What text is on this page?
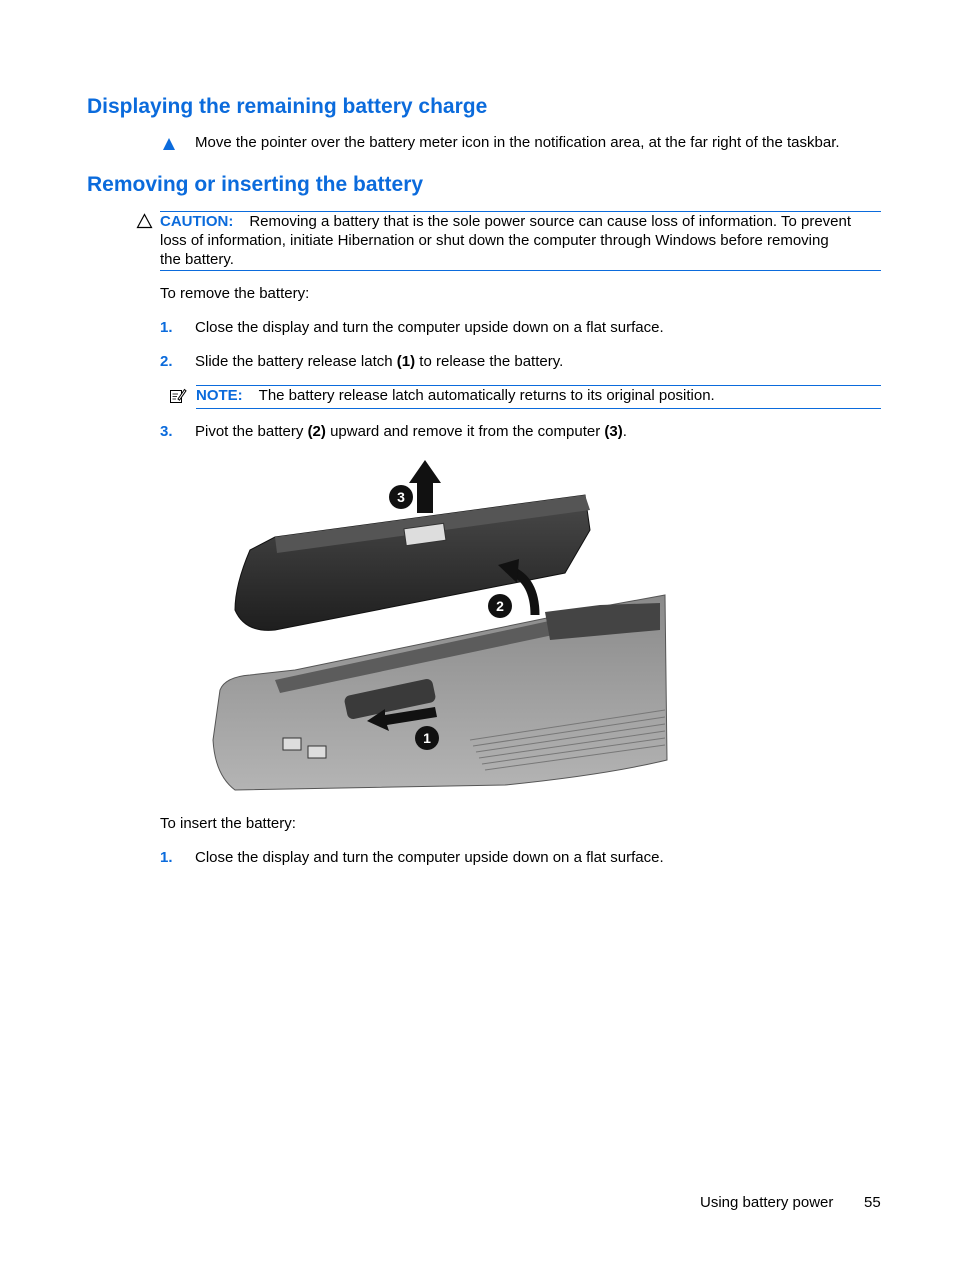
Displaying the remaining battery charge
Move the pointer over the battery meter icon in the notification area, at the far right of the taskbar.
Removing or inserting the battery
CAUTION: Removing a battery that is the sole power source can cause loss of information. To prevent
loss of information, initiate Hibernation or shut down the computer through Windows before removing
the battery.
To remove the battery:
1. Close the display and turn the computer upside down on a flat surface.
2. Slide the battery release latch (1) to release the battery.
NOTE: The battery release latch automatically returns to its original position.
3. Pivot the battery (2) upward and remove it from the computer (3).
3
2
1
To insert the battery:
1. Close the display and turn the computer upside down on a flat surface.
Using battery power 55
